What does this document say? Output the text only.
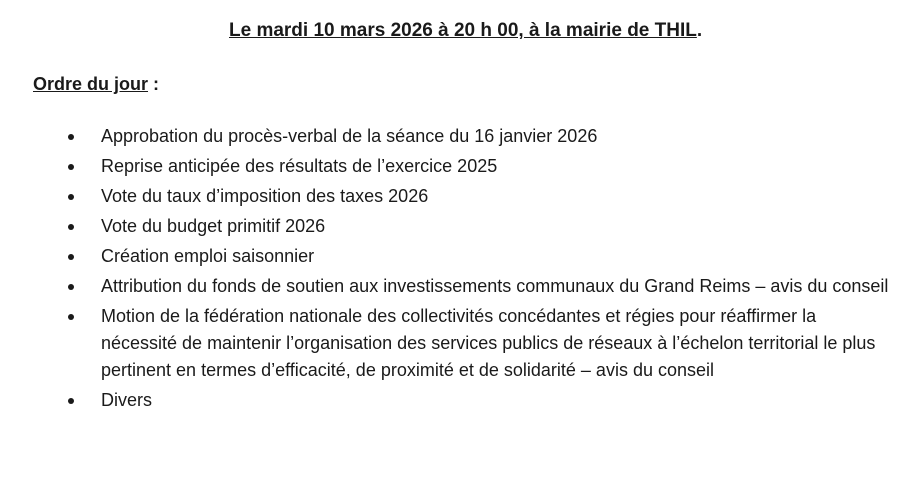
Le mardi 10 mars 2026 à 20 h 00, à la mairie de THIL.
Ordre du jour :
Approbation du procès-verbal de la séance du 16 janvier 2026
Reprise anticipée des résultats de l’exercice 2025
Vote du taux d’imposition des taxes 2026
Vote du budget primitif 2026
Création emploi saisonnier
Attribution du fonds de soutien aux investissements communaux du Grand Reims – avis du conseil
Motion de la fédération nationale des collectivités concédantes et régies pour réaffirmer la nécessité de maintenir l’organisation des services publics de réseaux à l’échelon territorial le plus pertinent en termes d’efficacité, de proximité et de solidarité – avis du conseil
Divers
